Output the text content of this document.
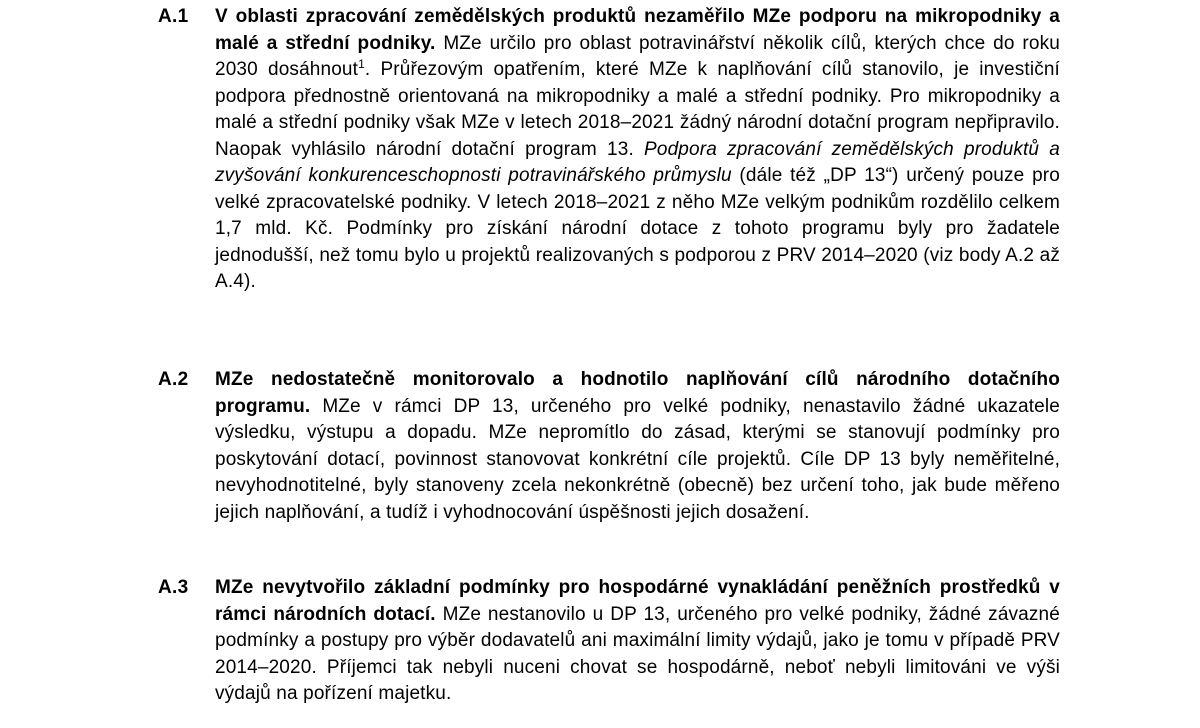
A.1 V oblasti zpracování zemědělských produktů nezaměřilo MZe podporu na mikropodniky a malé a střední podniky. MZe určilo pro oblast potravinářství několik cílů, kterých chce do roku 2030 dosáhnout$^1$. Průřezovým opatřením, které MZe k naplňování cílů stanovilo, je investiční podpora přednostně orientovaná na mikropodniky a malé a střední podniky. Pro mikropodniky a malé a střední podniky však MZe v letech 2018–2021 žádný národní dotační program nepřipravilo. Naopak vyhlásilo národní dotační program 13. Podpora zpracování zemědělských produktů a zvyšování konkurenceschopnosti potravinářského průmyslu (dále též „DP 13“) určený pouze pro velké zpracovatelské podniky. V letech 2018–2021 z něho MZe velkým podnikům rozdělilo celkem 1,7 mld. Kč. Podmínky pro získání národní dotace z tohoto programu byly pro žadatele jednodušší, než tomu bylo u projektů realizovaných s podporou z PRV 2014–2020 (viz body A.2 až A.4).
A.2 MZe nedostatečně monitorovalo a hodnotilo naplňování cílů národního dotačního programu. MZe v rámci DP 13, určeného pro velké podniky, nenastavilo žádné ukazatele výsledku, výstupu a dopadu. MZe nepromítlo do zásad, kterými se stanovují podmínky pro poskytování dotací, povinnost stanovovat konkrétní cíle projektů. Cíle DP 13 byly neměřitelné, nevyhodnotitelné, byly stanoveny zcela nekonkrétně (obecně) bez určení toho, jak bude měřeno jejich naplňování, a tudíž i vyhodnocování úspěšnosti jejich dosažení.
A.3 MZe nevytvořilo základní podmínky pro hospodárné vynakládání peněžních prostředků v rámci národních dotací. MZe nestanovilo u DP 13, určeného pro velké podniky, žádné závazné podmínky a postupy pro výběr dodavatelů ani maximální limity výdajů, jako je tomu v případě PRV 2014–2020. Příjemci tak nebyli nuceni chovat se hospodárně, neboť nebyli limitováni ve výši výdajů na pořízení majetku.
